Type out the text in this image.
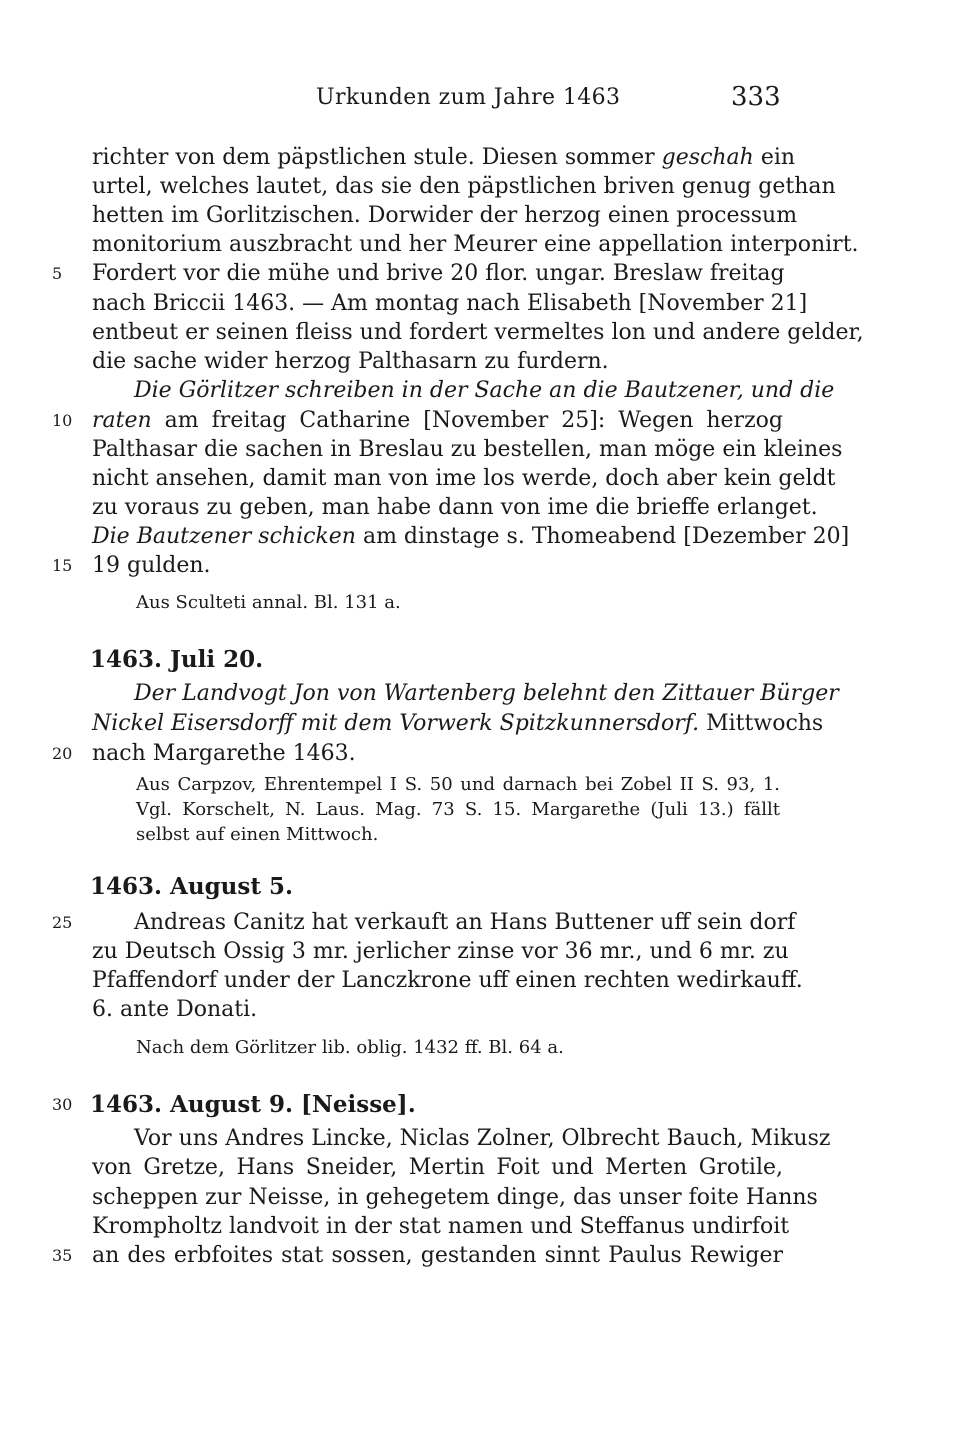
Urkunden zum Jahre 1463	333
richter von dem päpstlichen stule. Diesen sommer geschah ein
urtel, welches lautet, das sie den päpstlichen briven genug gethan
hetten im Gorlitzischen. Dorwider der herzog einen processum
monitorium auszbracht und her Meurer eine appellation interponirt.
Fordert vor die mühe und brive 20 flor. ungar. Breslaw freitag
nach Briccii 1463. — Am montag nach Elisabeth [November 21]
entbeut er seinen fleiss und fordert vermeltes lon und andere gelder,
die sache wider herzog Palthasarn zu furdern.
Die Görlitzer schreiben in der Sache an die Bautzener, und die
raten am freitag Catharine [November 25]: Wegen herzog
Palthasar die sachen in Breslau zu bestellen, man möge ein kleines
nicht ansehen, damit man von ime los werde, doch aber kein geldt
zu voraus zu geben, man habe dann von ime die brieffe erlanget.
Die Bautzener schicken am dinstage s. Thomeabend [Dezember 20]
19 gulden.
Aus Sculteti annal. Bl. 131 a.
1463. Juli 20.
Der Landvogt Jon von Wartenberg belehnt den Zittauer Bürger
Nickel Eisersdorff mit dem Vorwerk Spitzkunnersdorf. Mittwochs
nach Margarethe 1463.
Aus Carpzov, Ehrentempel I S. 50 und darnach bei Zobel II S. 93, 1.
Vgl. Korschelt, N. Laus. Mag. 73 S. 15. Margarethe (Juli 13.) fällt
selbst auf einen Mittwoch.
1463. August 5.
Andreas Canitz hat verkauft an Hans Buttener uff sein dorf
zu Deutsch Ossig 3 mr. jerlicher zinse vor 36 mr., und 6 mr. zu
Pfaffendorf under der Lanczkrone uff einen rechten wedirkauff.
6. ante Donati.
Nach dem Görlitzer lib. oblig. 1432 ff. Bl. 64 a.
1463. August 9. [Neisse].
Vor uns Andres Lincke, Niclas Zolner, Olbrecht Bauch, Mikusz
von Gretze, Hans Sneider, Mertin Foit und Merten Grotile,
scheppen zur Neisse, in gehegetem dinge, das unser foite Hanns
Krompholtz landvoit in der stat namen und Steffanus undirfoit
an des erbfoites stat sossen, gestanden sinnt Paulus Rewiger
5
10
15
20
25
30
35
